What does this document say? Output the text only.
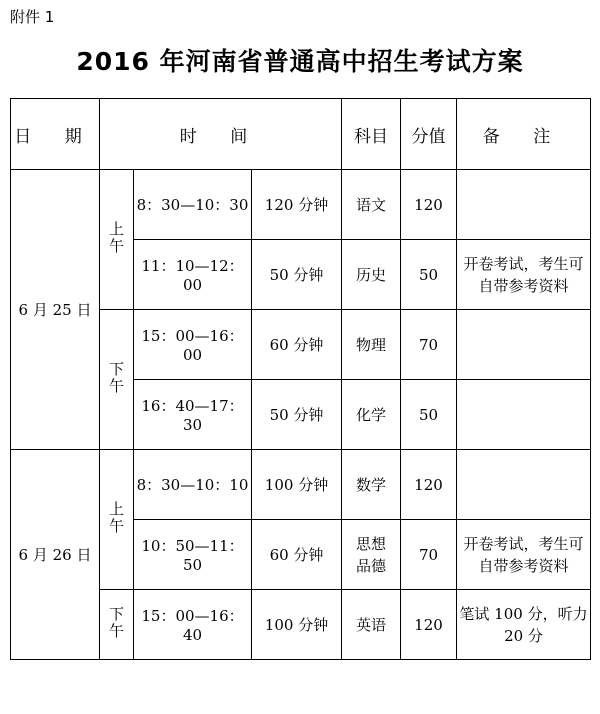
附件 1
2016 年河南省普通高中招生考试方案
日 期	时 间			科目	分值	备 注
6 月 25 日	上午	8：30—10：30	120 分钟	语文	120	
		11：10—12：00	50 分钟	历史	50	开卷考试，考生可自带参考资料
	下午	15：00—16：00	60 分钟	物理	70	
		16：40—17：30	50 分钟	化学	50	
6 月 26 日	上午	8：30—10：10	100 分钟	数学	120	
		10：50—11：50	60 分钟	思想品德	70	开卷考试，考生可自带参考资料
	下午	15：00—16：40	100 分钟	英语	120	笔试 100 分，听力 20 分
